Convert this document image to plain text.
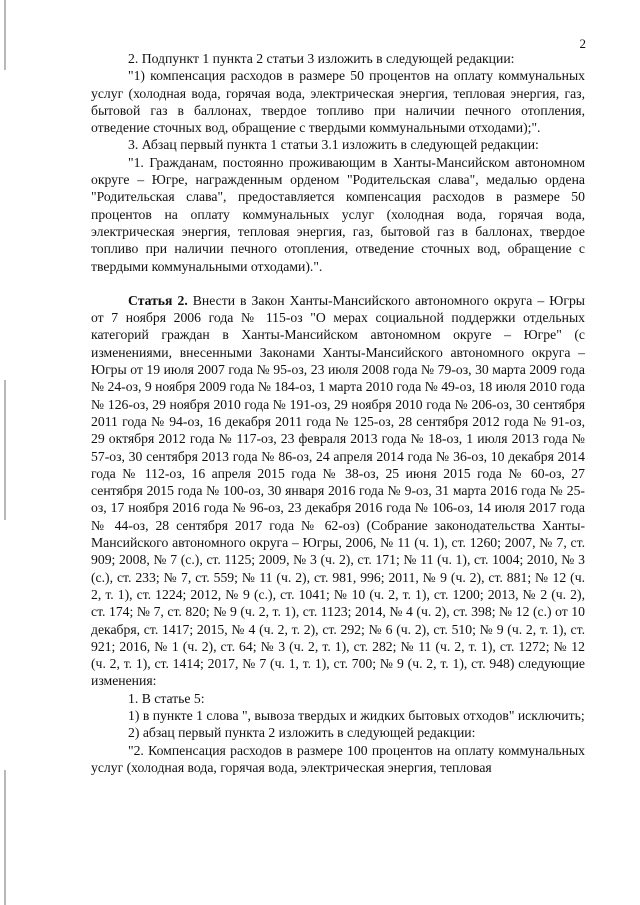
2

2. Подпункт 1 пункта 2 статьи 3 изложить в следующей редакции:

"1) компенсация расходов в размере 50 процентов на оплату коммунальных услуг (холодная вода, горячая вода, электрическая энергия, тепловая энергия, газ, бытовой газ в баллонах, твердое топливо при наличии печного отопления, отведение сточных вод, обращение с твердыми коммунальными отходами);".

3. Абзац первый пункта 1 статьи 3.1 изложить в следующей редакции:

"1. Гражданам, постоянно проживающим в Ханты-Мансийском автономном округе – Югре, награжденным орденом "Родительская слава", медалью ордена "Родительская слава", предоставляется компенсация расходов в размере 50 процентов на оплату коммунальных услуг (холодная вода, горячая вода, электрическая энергия, тепловая энергия, газ, бытовой газ в баллонах, твердое топливо при наличии печного отопления, отведение сточных вод, обращение с твердыми коммунальными отходами).".

Статья 2. Внести в Закон Ханты-Мансийского автономного округа – Югры от 7 ноября 2006 года № 115-оз "О мерах социальной поддержки отдельных категорий граждан в Ханты-Мансийском автономном округе – Югре" (с изменениями, внесенными Законами Ханты-Мансийского автономного округа – Югры от 19 июля 2007 года № 95-оз, 23 июля 2008 года № 79-оз, 30 марта 2009 года № 24-оз, 9 ноября 2009 года № 184-оз, 1 марта 2010 года № 49-оз, 18 июля 2010 года № 126-оз, 29 ноября 2010 года № 191-оз, 29 ноября 2010 года № 206-оз, 30 сентября 2011 года № 94-оз, 16 декабря 2011 года № 125-оз, 28 сентября 2012 года № 91-оз, 29 октября 2012 года № 117-оз, 23 февраля 2013 года № 18-оз, 1 июля 2013 года № 57-оз, 30 сентября 2013 года № 86-оз, 24 апреля 2014 года № 36-оз, 10 декабря 2014 года № 112-оз, 16 апреля 2015 года № 38-оз, 25 июня 2015 года № 60-оз, 27 сентября 2015 года № 100-оз, 30 января 2016 года № 9-оз, 31 марта 2016 года № 25-оз, 17 ноября 2016 года № 96-оз, 23 декабря 2016 года № 106-оз, 14 июля 2017 года № 44-оз, 28 сентября 2017 года № 62-оз) (Собрание законодательства Ханты-Мансийского автономного округа – Югры, 2006, № 11 (ч. 1), ст. 1260; 2007, № 7, ст. 909; 2008, № 7 (с.), ст. 1125; 2009, № 3 (ч. 2), ст. 171; № 11 (ч. 1), ст. 1004; 2010, № 3 (с.), ст. 233; № 7, ст. 559; № 11 (ч. 2), ст. 981, 996; 2011, № 9 (ч. 2), ст. 881; № 12 (ч. 2, т. 1), ст. 1224; 2012, № 9 (с.), ст. 1041; № 10 (ч. 2, т. 1), ст. 1200; 2013, № 2 (ч. 2), ст. 174; № 7, ст. 820; № 9 (ч. 2, т. 1), ст. 1123; 2014, № 4 (ч. 2), ст. 398; № 12 (с.) от 10 декабря, ст. 1417; 2015, № 4 (ч. 2, т. 2), ст. 292; № 6 (ч. 2), ст. 510; № 9 (ч. 2, т. 1), ст. 921; 2016, № 1 (ч. 2), ст. 64; № 3 (ч. 2, т. 1), ст. 282; № 11 (ч. 2, т. 1), ст. 1272; № 12 (ч. 2, т. 1), ст. 1414; 2017, № 7 (ч. 1, т. 1), ст. 700; № 9 (ч. 2, т. 1), ст. 948) следующие изменения:

1. В статье 5:

1) в пункте 1 слова ", вывоза твердых и жидких бытовых отходов" исключить;

2) абзац первый пункта 2 изложить в следующей редакции:

"2. Компенсация расходов в размере 100 процентов на оплату коммунальных услуг (холодная вода, горячая вода, электрическая энергия, тепловая
